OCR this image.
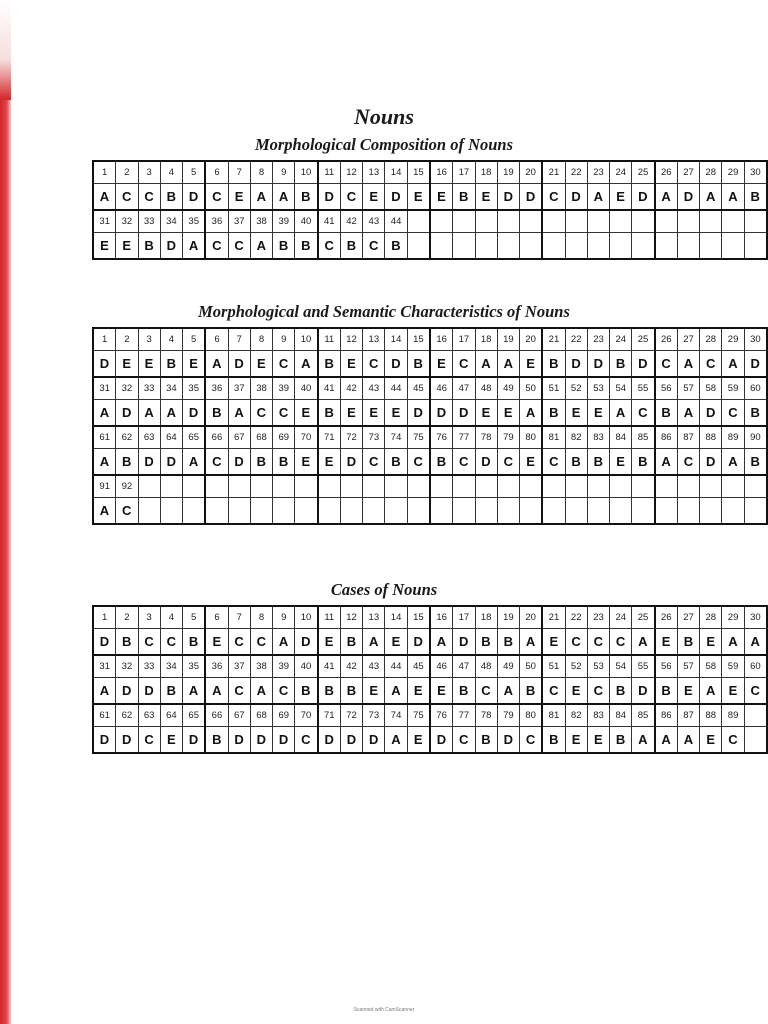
Nouns
Morphological Composition of Nouns
1	2	3	4	5	6	7	8	9	10	11	12	13	14	15	16	17	18	19	20	21	22	23	24	25	26	27	28	29	30
A	C	C	B	D	C	E	A	A	B	D	C	E	D	E	E	B	E	D	D	C	D	A	E	D	A	D	A	A	B
31	32	33	34	35	36	37	38	39	40	41	42	43	44																
E	E	B	D	A	C	C	A	B	B	C	B	C	B																
Morphological and Semantic Characteristics of Nouns
1	2	3	4	5	6	7	8	9	10	11	12	13	14	15	16	17	18	19	20	21	22	23	24	25	26	27	28	29	30
D	E	E	B	E	A	D	E	C	A	B	E	C	D	B	E	C	A	A	E	B	D	D	B	D	C	A	C	A	D
31	32	33	34	35	36	37	38	39	40	41	42	43	44	45	46	47	48	49	50	51	52	53	54	55	56	57	58	59	60
A	D	A	A	D	B	A	C	C	E	B	E	E	E	D	D	D	E	E	A	B	E	E	A	C	B	A	D	C	B
61	62	63	64	65	66	67	68	69	70	71	72	73	74	75	76	77	78	79	80	81	82	83	84	85	86	87	88	89	90
A	B	D	D	A	C	D	B	B	E	E	D	C	B	C	B	C	D	C	E	C	B	B	E	B	A	C	D	A	B
91	92																												
A	C																												
Cases of Nouns
1	2	3	4	5	6	7	8	9	10	11	12	13	14	15	16	17	18	19	20	21	22	23	24	25	26	27	28	29	30
D	B	C	C	B	E	C	C	A	D	E	B	A	E	D	A	D	B	B	A	E	C	C	C	A	E	B	E	A	A
31	32	33	34	35	36	37	38	39	40	41	42	43	44	45	46	47	48	49	50	51	52	53	54	55	56	57	58	59	60
A	D	D	B	A	A	C	A	C	B	B	B	E	A	E	E	B	C	A	B	C	E	C	B	D	B	E	A	E	C
61	62	63	64	65	66	67	68	69	70	71	72	73	74	75	76	77	78	79	80	81	82	83	84	85	86	87	88	89	
D	D	C	E	D	B	D	D	D	C	D	D	D	A	E	D	C	B	D	C	B	E	E	B	A	A	A	E	C	
Scanned with CamScanner
